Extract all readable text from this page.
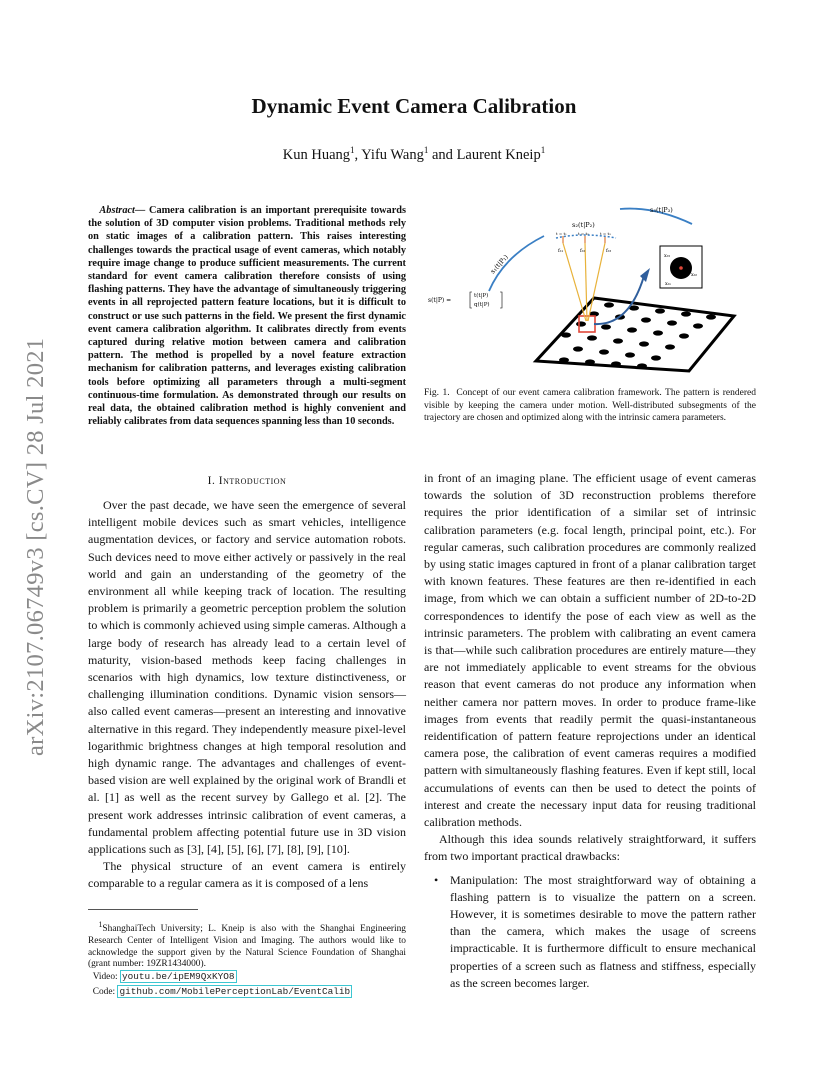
arXiv:2107.06749v3 [cs.CV] 28 Jul 2021
Dynamic Event Camera Calibration
Kun Huang$^1$, Yifu Wang$^1$ and Laurent Kneip$^1$
Abstract— Camera calibration is an important prerequisite towards the solution of 3D computer vision problems. Traditional methods rely on static images of a calibration pattern. This raises interesting challenges towards the practical usage of event cameras, which notably require image change to produce sufficient measurements. The current standard for event camera calibration therefore consists of using flashing patterns. They have the advantage of simultaneously triggering events in all reprojected pattern feature locations, but it is difficult to construct or use such patterns in the field. We present the first dynamic event camera calibration algorithm. It calibrates directly from events captured during relative motion between camera and calibration pattern. The method is propelled by a novel feature extraction mechanism for calibration patterns, and leverages existing calibration tools before optimizing all parameters through a multi-segment continuous-time formulation. As demonstrated through our results on real data, the obtained calibration method is highly convenient and reliably calibrates from data sequences spanning less than 10 seconds.
I. Introduction

Over the past decade, we have seen the emergence of several intelligent mobile devices such as smart vehicles, intelligence augmentation devices, or factory and service automation robots. Such devices need to move either actively or passively in the real world and gain an understanding of the geometry of the environment all while keeping track of location. The resulting problem is primarily a geometric perception problem the solution to which is commonly achieved using simple cameras. Although a large body of research has already lead to a certain level of maturity, vision-based methods keep facing challenges in scenarios with high dynamics, low texture distinctiveness, or challenging illumination conditions. Dynamic vision sensors—also called event cameras—present an interesting and innovative alternative in this regard. They independently measure pixel-level logarithmic brightness changes at high temporal resolution and high dynamic range. The advantages and challenges of event-based vision are well explained by the original work of Brandli et al. [1] as well as the recent survey by Gallego et al. [2]. The present work addresses intrinsic calibration of event cameras, a fundamental problem affecting potential future use in 3D vision applications such as [3], [4], [5], [6], [7], [8], [9], [10].

The physical structure of an event camera is entirely comparable to a regular camera as it is composed of a lens

$^1$ShanghaiTech University; L. Kneip is also with the Shanghai Engineering Research Center of Intelligent Vision and Imaging. The authors would like to acknowledge the support given by the Natural Science Foundation of Shanghai (grant number: 19ZR1434000).
Video: youtu.be/ipEM9QxKYO8
Code: github.com/MobilePerceptionLab/EventCalib
xₜ₃
xₜ₂
xₜ₁
s₁(t|P₁)
s₂(t|P₂)
s₃(t|P₃)
s(t|P) =
t(t|P)
q(t|P)
t = t₁	t = t₂	t = t₃
fₜ₁	fₜ₂	fₜ₃
Fig. 1. Concept of our event camera calibration framework. The pattern is rendered visible by keeping the camera under motion. Well-distributed subsegments of the trajectory are chosen and optimized along with the intrinsic camera parameters.

in front of an imaging plane. The efficient usage of event cameras towards the solution of 3D reconstruction problems therefore requires the prior identification of a similar set of intrinsic calibration parameters (e.g. focal length, principal point, etc.). For regular cameras, such calibration procedures are commonly realized by using static images captured in front of a planar calibration target with known features. These features are then re-identified in each image, from which we can obtain a sufficient number of 2D-to-2D correspondences to identify the pose of each view as well as the intrinsic parameters. The problem with calibrating an event camera is that—while such calibration procedures are entirely mature—they are not immediately applicable to event streams for the obvious reason that event cameras do not produce any information when neither camera nor pattern moves. In order to produce frame-like images from events that readily permit the quasi-instantaneous reidentification of pattern feature reprojections under an identical camera pose, the calibration of event cameras requires a modified pattern with simultaneously flashing features. Even if kept still, local accumulations of events can then be used to detect the points of interest and create the necessary input data for reusing traditional calibration methods.

Although this idea sounds relatively straightforward, it suffers from two important practical drawbacks:

• Manipulation: The most straightforward way of obtaining a flashing pattern is to visualize the pattern on a screen. However, it is sometimes desirable to move the pattern rather than the camera, which makes the usage of screens impracticable. It is furthermore difficult to ensure mechanical properties of a screen such as flatness and stiffness, especially as the screen becomes larger.
